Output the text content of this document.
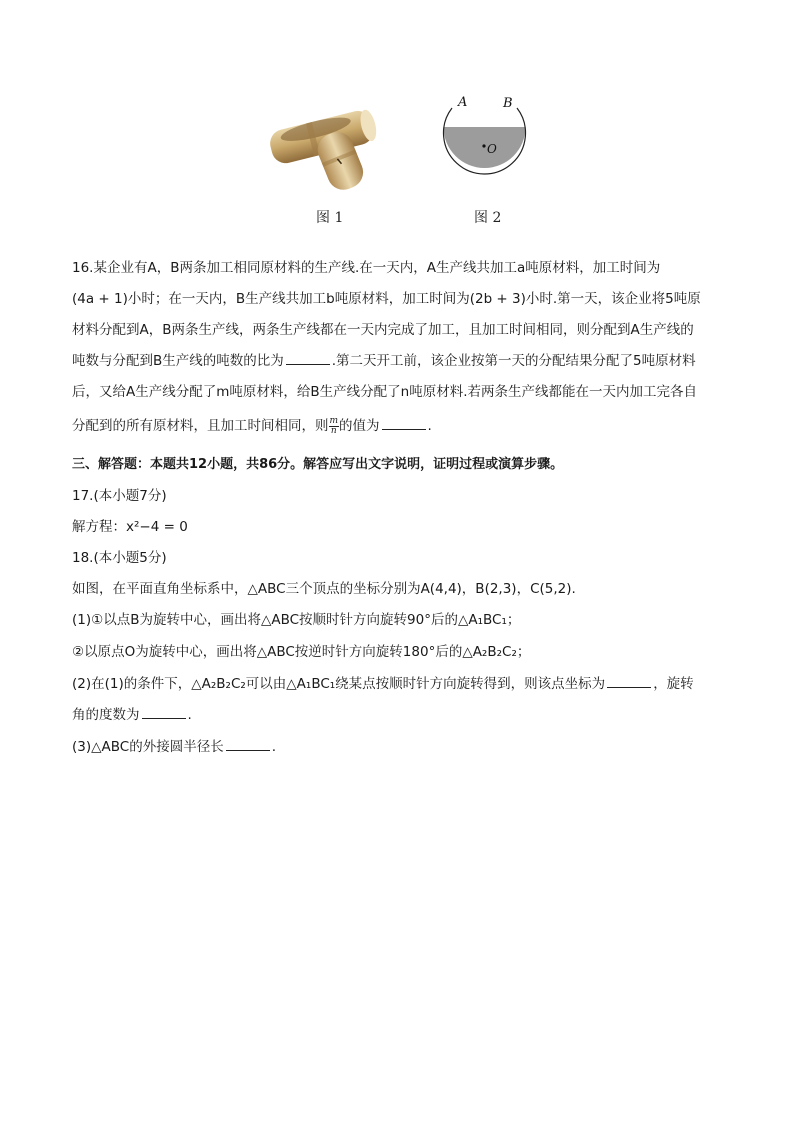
图 1
O
A	B
图 2
16.某企业有A，B两条加工相同原材料的生产线.在一天内，A生产线共加工a吨原材料，加工时间为
(4a + 1)小时；在一天内，B生产线共加工b吨原材料，加工时间为(2b + 3)小时.第一天，该企业将5吨原
材料分配到A，B两条生产线，两条生产线都在一天内完成了加工，且加工时间相同，则分配到A生产线的
吨数与分配到B生产线的吨数的比为	.第二天开工前，该企业按第一天的分配结果分配了5吨原材料
后，又给A生产线分配了m吨原材料，给B生产线分配了n吨原材料.若两条生产线都能在一天内加工完各自
分配到的所有原材料，且加工时间相同，则 $\frac{m}{n}$ 的值为	.
三、解答题：本题共12小题，共86分。解答应写出文字说明，证明过程或演算步骤。
17.(本小题7分)
解方程：x²−4 = 0
18.(本小题5分)
如图，在平面直角坐标系中，△ABC三个顶点的坐标分别为A(4,4)，B(2,3)，C(5,2).
(1)①以点B为旋转中心，画出将△ABC按顺时针方向旋转90°后的△A₁BC₁；
②以原点O为旋转中心，画出将△ABC按逆时针方向旋转180°后的△A₂B₂C₂；
(2)在(1)的条件下，△A₂B₂C₂可以由△A₁BC₁绕某点按顺时针方向旋转得到，则该点坐标为	，旋转
角的度数为	.
(3)△ABC的外接圆半径长	.
